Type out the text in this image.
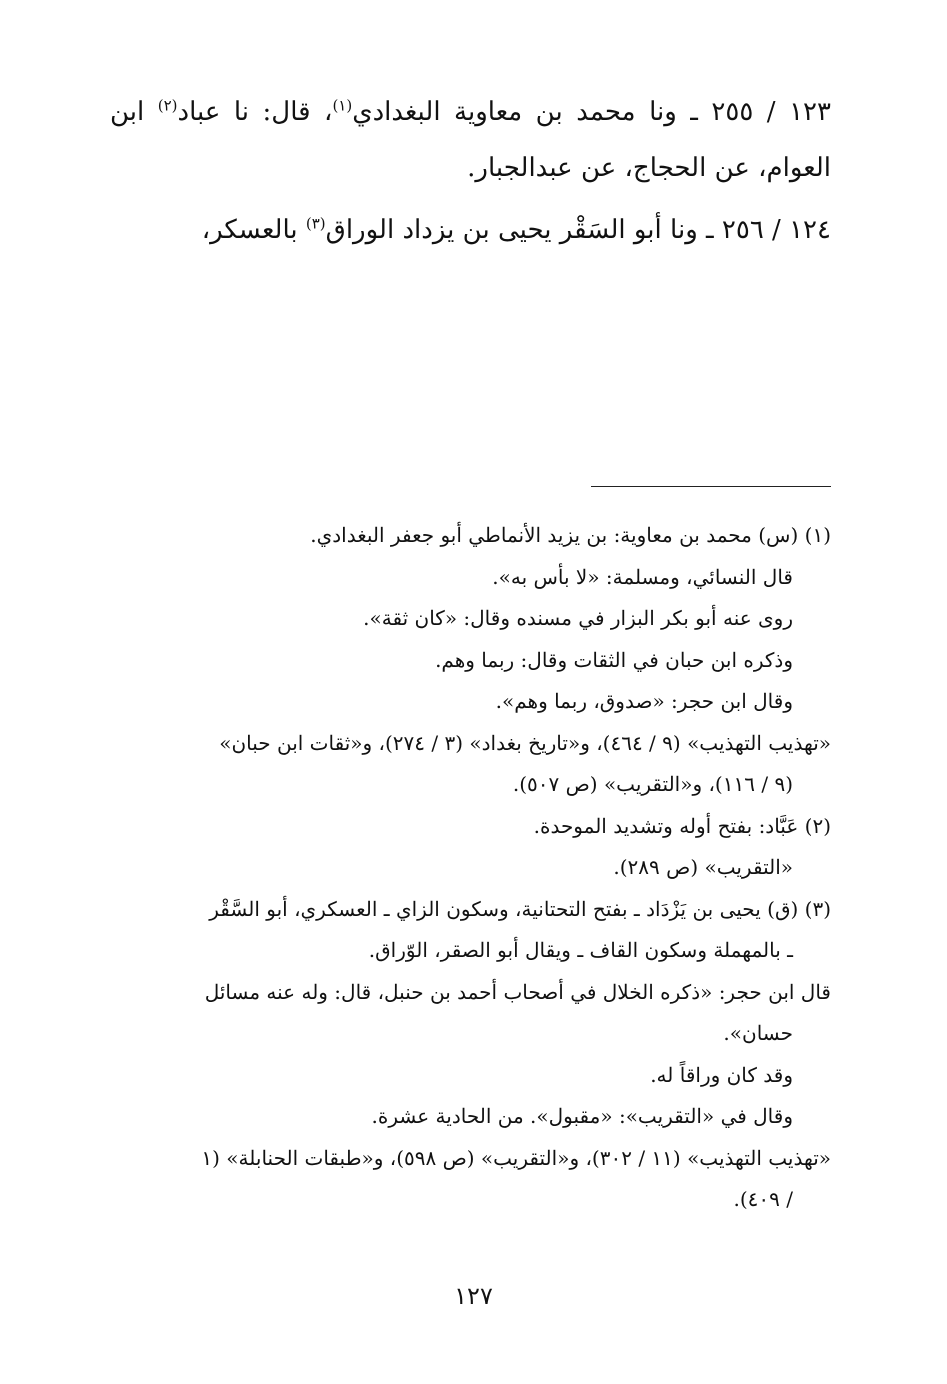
١٢٣ / ٢٥٥ ـ ونا محمد بن معاوية البغدادي$^{(١)}$، قال: نا عباد$^{(٢)}$ ابن العوام، عن الحجاج، عن عبدالجبار.

١٢٤ / ٢٥٦ ـ ونا أبو السَقْر يحيى بن يزداد الوراق$^{(٣)}$ بالعسكر،

(١) (س) محمد بن معاوية: بن يزيد الأنماطي أبو جعفر البغدادي.
قال النسائي، ومسلمة: «لا بأس به».
روى عنه أبو بكر البزار في مسنده وقال: «كان ثقة».
وذكره ابن حبان في الثقات وقال: ربما وهم.
وقال ابن حجر: «صدوق، ربما وهم».
«تهذيب التهذيب» (٩ / ٤٦٤)، و«تاريخ بغداد» (٣ / ٢٧٤)، و«ثقات ابن حبان»
(٩ / ١١٦)، و«التقريب» (ص ٥٠٧).
(٢) عَبَّاد: بفتح أوله وتشديد الموحدة.
«التقريب» (ص ٢٨٩).
(٣) (ق) يحيى بن يَزْدَاد ـ بفتح التحتانية، وسكون الزاي ـ العسكري، أبو السَّقْر
ـ بالمهملة وسكون القاف ـ ويقال أبو الصقر، الوّراق.
قال ابن حجر: «ذكره الخلال في أصحاب أحمد بن حنبل، قال: وله عنه مسائل
حسان».
وقد كان وراقاً له.
وقال في «التقريب»: «مقبول». من الحادية عشرة.
«تهذيب التهذيب» (١١ / ٣٠٢)، و«التقريب» (ص ٥٩٨)، و«طبقات الحنابلة» (١
/ ٤٠٩).
١٢٧
